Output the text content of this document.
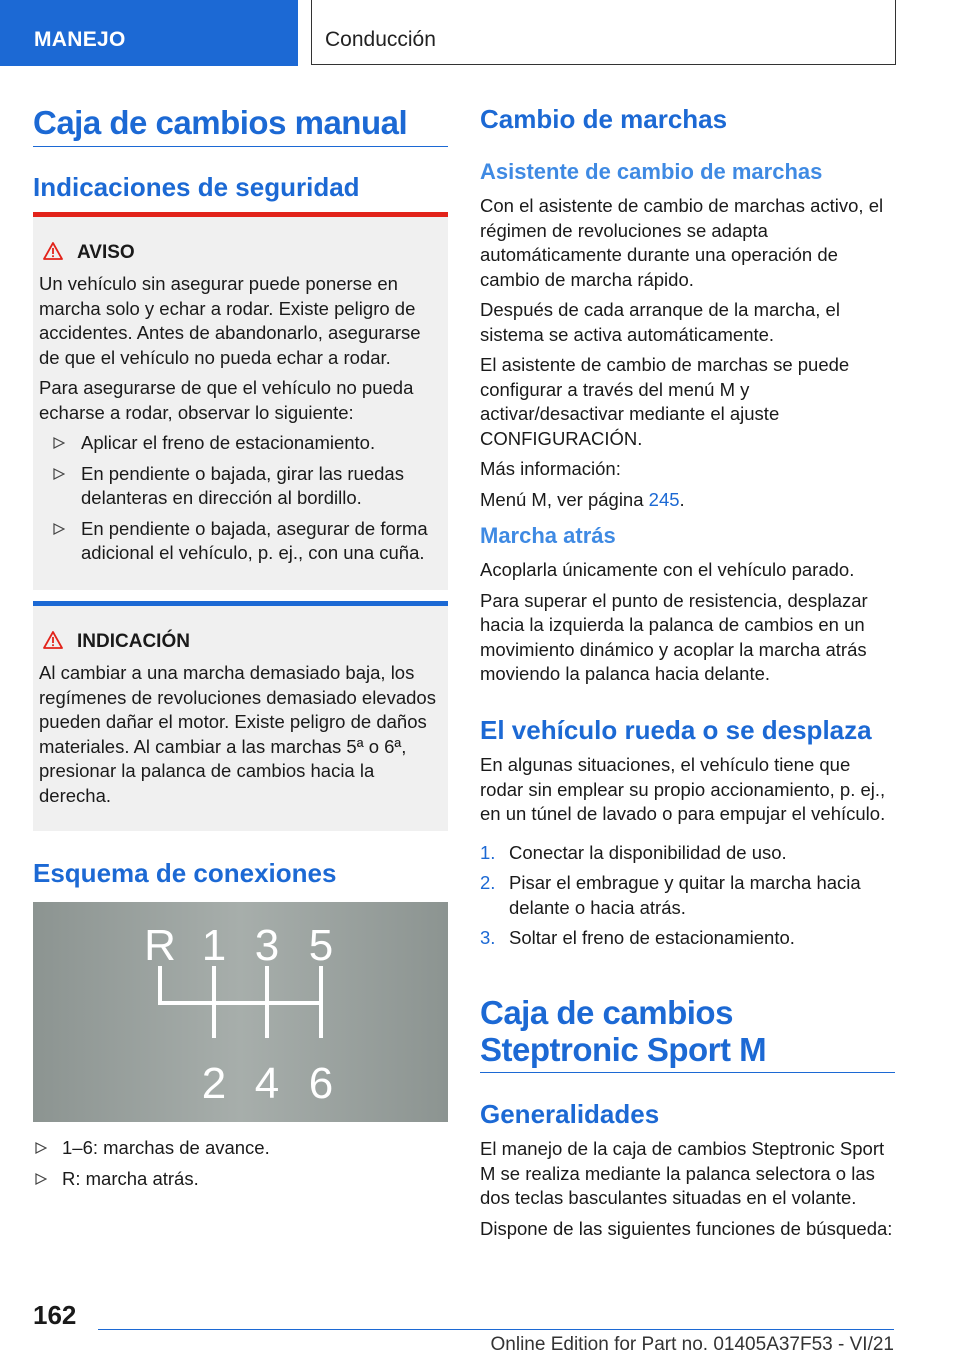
MANEJO	Conducción
Caja de cambios manual
Indicaciones de seguridad
AVISO

Un vehículo sin asegurar puede ponerse en marcha solo y echar a rodar. Existe peligro de accidentes. Antes de abandonarlo, asegurarse de que el vehículo no pueda echar a rodar.

Para asegurarse de que el vehículo no pueda echarse a rodar, observar lo siguiente:

Aplicar el freno de estacionamiento.
En pendiente o bajada, girar las ruedas delanteras en dirección al bordillo.
En pendiente o bajada, asegurar de forma adicional el vehículo, p. ej., con una cuña.
INDICACIÓN

Al cambiar a una marcha demasiado baja, los regímenes de revoluciones demasiado elevados pueden dañar el motor. Existe peligro de daños materiales. Al cambiar a las marchas 5ª o 6ª, presionar la palanca de cambios hacia la derecha.

Esquema de conexiones
R 1 3 5
2 4 6
1–6: marchas de avance.
R: marcha atrás.
Cambio de marchas
Asistente de cambio de marchas

Con el asistente de cambio de marchas activo, el régimen de revoluciones se adapta automáticamente durante una operación de cambio de marcha rápido.

Después de cada arranque de la marcha, el sistema se activa automáticamente.

El asistente de cambio de marchas se puede configurar a través del menú M y activar/desactivar mediante el ajuste CONFIGURACIÓN.

Más información:

Menú M, ver página 245.

Marcha atrás

Acoplarla únicamente con el vehículo parado.

Para superar el punto de resistencia, desplazar hacia la izquierda la palanca de cambios en un movimiento dinámico y acoplar la marcha atrás moviendo la palanca hacia delante.

El vehículo rueda o se desplaza

En algunas situaciones, el vehículo tiene que rodar sin emplear su propio accionamiento, p. ej., en un túnel de lavado o para empujar el vehículo.

1. Conectar la disponibilidad de uso.
2. Pisar el embrague y quitar la marcha hacia delante o hacia atrás.
3. Soltar el freno de estacionamiento.
Caja de cambios Steptronic Sport M
Generalidades

El manejo de la caja de cambios Steptronic Sport M se realiza mediante la palanca selectora o las dos teclas basculantes situadas en el volante.

Dispone de las siguientes funciones de búsqueda:

162
Online Edition for Part no. 01405A37F53 - VI/21
